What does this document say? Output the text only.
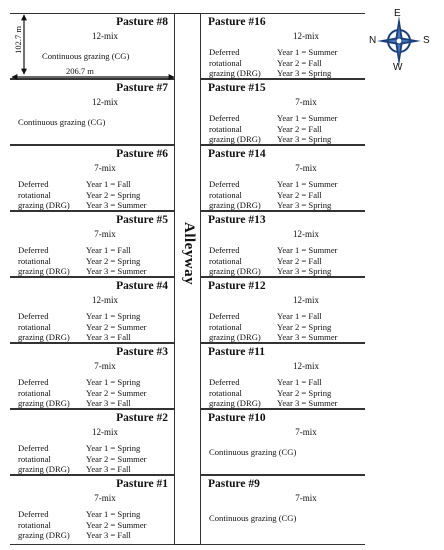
Pasture #8
12-mix
Continuous grazing (CG)
Pasture #7
12-mix
Continuous grazing (CG)
Pasture #6
7-mix
Deferred
rotational
grazing (DRG)
Year 1 = Fall
Year 2 = Spring
Year 3 = Summer
Pasture #5
7-mix
Deferred
rotational
grazing (DRG)
Year 1 = Fall
Year 2 = Spring
Year 3 = Summer
Pasture #4
12-mix
Deferred
rotational
grazing (DRG)
Year 1 = Spring
Year 2 = Summer
Year 3 = Fall
Pasture #3
7-mix
Deferred
rotational
grazing (DRG)
Year 1 = Spring
Year 2 = Summer
Year 3 = Fall
Pasture #2
12-mix
Deferred
rotational
grazing (DRG)
Year 1 = Spring
Year 2 = Summer
Year 3 = Fall
Pasture #1
7-mix
Deferred
rotational
grazing (DRG)
Year 1 = Spring
Year 2 = Summer
Year 3 = Fall
Pasture #16
12-mix
Deferred
rotational
grazing (DRG)
Year 1 = Summer
Year 2 = Fall
Year 3 = Spring
Pasture #15
7-mix
Deferred
rotational
grazing (DRG)
Year 1 = Summer
Year 2 = Fall
Year 3 = Spring
Pasture #14
7-mix
Deferred
rotational
grazing (DRG)
Year 1 = Summer
Year 2 = Fall
Year 3 = Spring
Pasture #13
12-mix
Deferred
rotational
grazing (DRG)
Year 1 = Summer
Year 2 = Fall
Year 3 = Spring
Pasture #12
12-mix
Deferred
rotational
grazing (DRG)
Year 1 = Fall
Year 2 = Spring
Year 3 = Summer
Pasture #11
12-mix
Deferred
rotational
grazing (DRG)
Year 1 = Fall
Year 2 = Spring
Year 3 = Summer
Pasture #10
7-mix
Continuous grazing (CG)
Pasture #9
7-mix
Continuous grazing (CG)
Alleyway
102.7 m
206.7 m
N
E
S
W
